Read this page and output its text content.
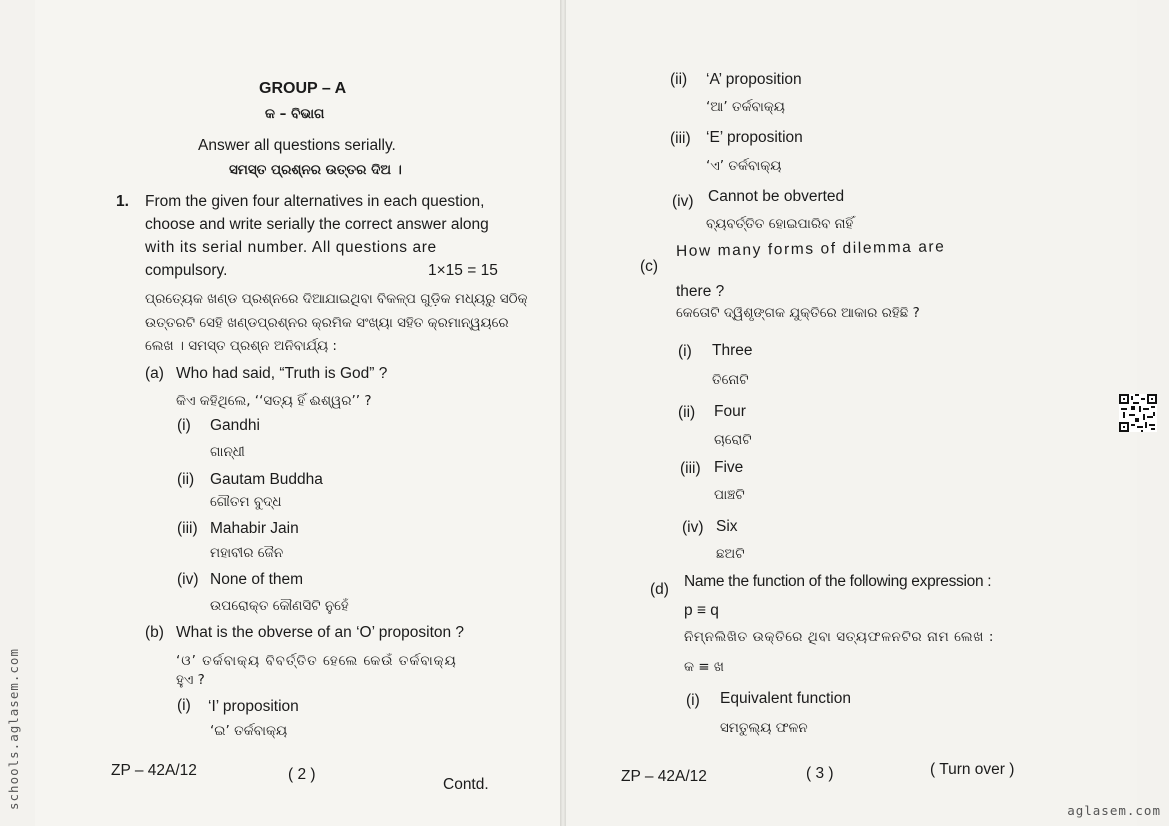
GROUP – A
କ – ବିଭାଗ
Answer all questions serially.
ସମସ୍ତ ପ୍ରଶ୍ନର ଉତ୍ତର ଦିଅ ।
1. From the given four alternatives in each question,
choose and write serially the correct answer along
with its serial number. All questions are
compulsory.	1×15 = 15
ପ୍ରତ୍ୟେକ ଖଣ୍ଡ ପ୍ରଶ୍ନରେ ଦିଆଯାଇଥିବା ବିକଳ୍ପ ଗୁଡ଼ିକ ମଧ୍ୟରୁ ସଠିକ୍
ଉତ୍ତରଟି ସେହି ଖଣ୍ଡପ୍ରଶ୍ନର କ୍ରମିକ ସଂଖ୍ୟା ସହିତ କ୍ରମାନ୍ୱୟରେ
ଲେଖ । ସମସ୍ତ ପ୍ରଶ୍ନ ଅନିବାର୍ଯ୍ୟ :
(a) Who had said, “Truth is God” ?
କିଏ କହିଥିଲେ, ‘‘ସତ୍ୟ ହିଁ ଈଶ୍ୱର’’ ?
(i) Gandhi
ଗାନ୍ଧୀ
(ii) Gautam Buddha
ଗୌତମ ବୁଦ୍ଧ
(iii) Mahabir Jain
ମହାବୀର ଜୈନ
(iv) None of them
ଉପରୋକ୍ତ କୌଣସିଟି ନୁହେଁ
(b) What is the obverse of an ‘O’ propositon ?
‘ଓ’ ତର୍କବାକ୍ୟ ବିବର୍ତ୍ତିତ ହେଲେ କେଉଁ ତର୍କବାକ୍ୟ
ହୁଏ ?
(i) ‘I’ proposition
‘ଇ’ ତର୍କବାକ୍ୟ
ZP – 42A/12	( 2 )
Contd.
(ii) ‘A’ proposition
‘ଆ’ ତର୍କବାକ୍ୟ
(iii) ‘E’ proposition
‘ଏ’ ତର୍କବାକ୍ୟ
(iv) Cannot be obverted
ବ୍ୟବର୍ତ୍ତିତ ହୋଇପାରିବ ନାହିଁ
(c)
How many forms of dilemma are
there ?
କେତୋଟି ଦ୍ୱିଶୃଙ୍ଗକ ଯୁକ୍ତିରେ ଆକାର ରହିଛି ?
(i) Three
ତିନୋଟି
(ii) Four
ଚାରୋଟି
(iii) Five
ପାଞ୍ଚଟି
(iv) Six
ଛଅଟି
(d) Name the function of the following expression :
p ≡ q
ନିମ୍ନଲିଖିତ ଉକ୍ତିରେ ଥିବା ସତ୍ୟଫଳନଟିର ନାମ ଲେଖ :
କ ≡ ଖ
(i) Equivalent function
ସମତୁଲ୍ୟ ଫଳନ
ZP – 42A/12	( 3 )	( Turn over )
schools.aglasem.com
aglasem.com
